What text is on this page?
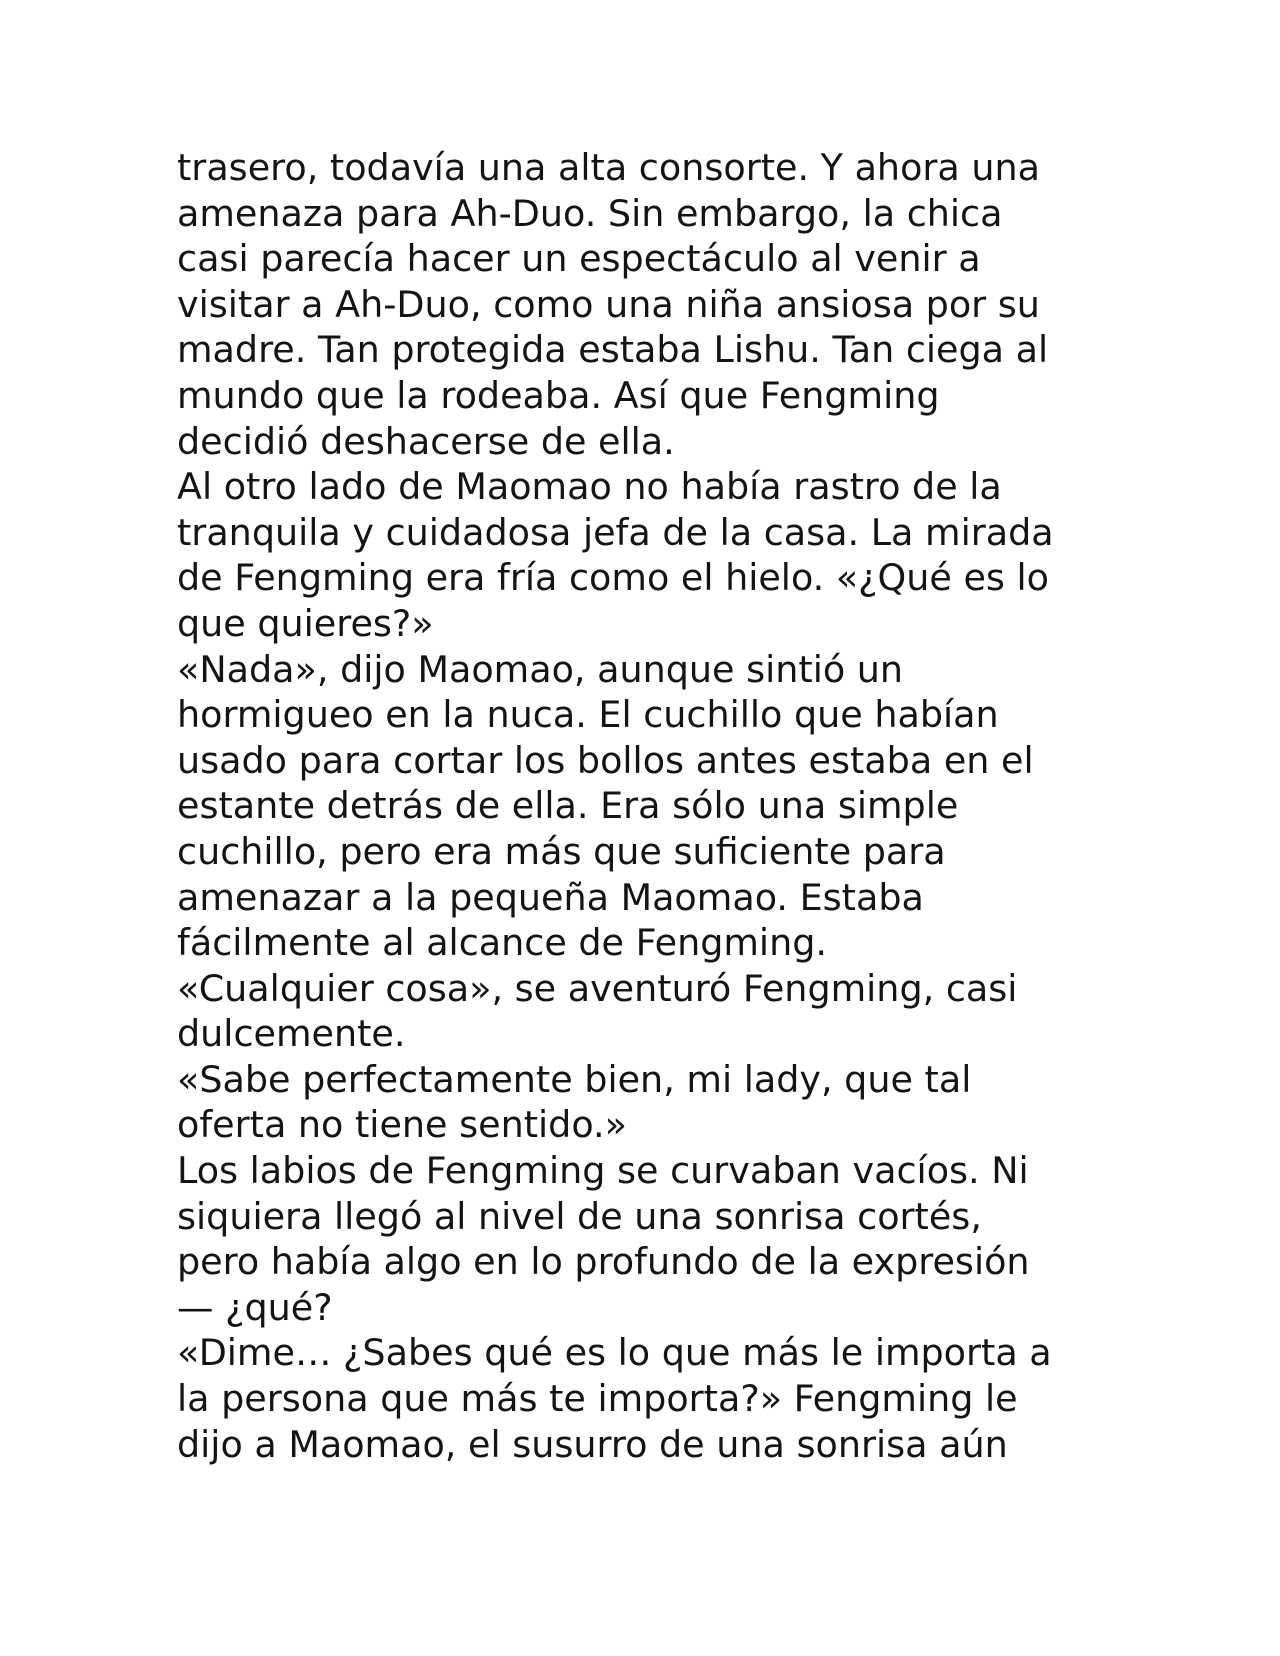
trasero, todavía una alta consorte. Y ahora una
amenaza para Ah-Duo. Sin embargo, la chica
casi parecía hacer un espectáculo al venir a
visitar a Ah-Duo, como una niña ansiosa por su
madre. Tan protegida estaba Lishu. Tan ciega al
mundo que la rodeaba. Así que Fengming
decidió deshacerse de ella.
Al otro lado de Maomao no había rastro de la
tranquila y cuidadosa jefa de la casa. La mirada
de Fengming era fría como el hielo. «¿Qué es lo
que quieres?»
«Nada», dijo Maomao, aunque sintió un
hormigueo en la nuca. El cuchillo que habían
usado para cortar los bollos antes estaba en el
estante detrás de ella. Era sólo una simple
cuchillo, pero era más que suficiente para
amenazar a la pequeña Maomao. Estaba
fácilmente al alcance de Fengming.
«Cualquier cosa», se aventuró Fengming, casi
dulcemente.
«Sabe perfectamente bien, mi lady, que tal
oferta no tiene sentido.»
Los labios de Fengming se curvaban vacíos. Ni
siquiera llegó al nivel de una sonrisa cortés,
pero había algo en lo profundo de la expresión
— ¿qué?
«Dime… ¿Sabes qué es lo que más le importa a
la persona que más te importa?» Fengming le
dijo a Maomao, el susurro de una sonrisa aún
